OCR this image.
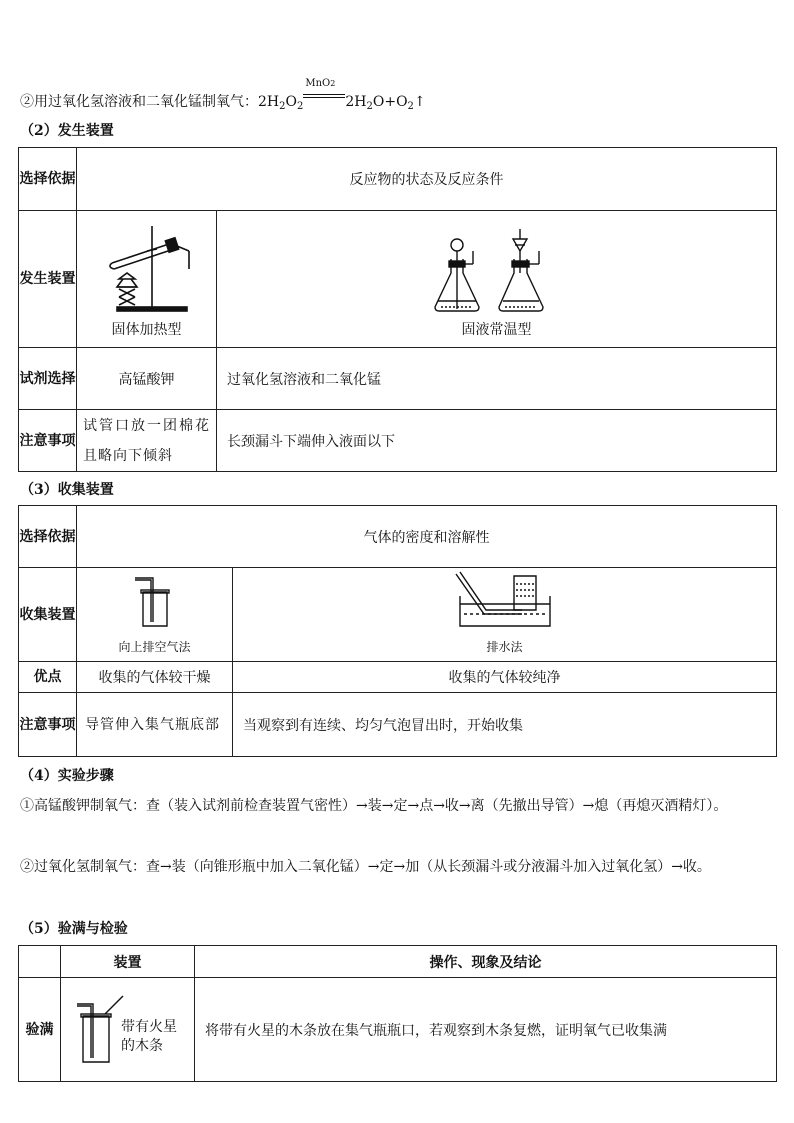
②用过氧化氢溶液和二氧化锰制氧气：$2H_2O_2$
MnO2
$2H_2O+O_2↑$
（2）发生装置
选择依据	反应物的状态及反应条件	
发生装置	固体加热型	固液常温型

试剂选择	高锰酸钾	过氧化氢溶液和二氧化锰
注意事项	试管口放一团棉花且略向下倾斜	长颈漏斗下端伸入液面以下
（3）收集装置
选择依据	气体的密度和溶解性	
收集装置	向上排空气法	排水法

优点	收集的气体较干燥	收集的气体较纯净
注意事项	导管伸入集气瓶底部	当观察到有连续、均匀气泡冒出时，开始收集
（4）实验步骤
①高锰酸钾制氧气：查（装入试剂前检查装置气密性）→装→定→点→收→离（先撤出导管）→熄（再熄灭酒精灯）。
②过氧化氢制氧气：查→装（向锥形瓶中加入二氧化锰）→定→加（从长颈漏斗或分液漏斗加入过氧化氢）→收。
（5）验满与检验
	装置	操作、现象及结论
验满	带有火星的木条	将带有火星的木条放在集气瓶瓶口，若观察到木条复燃，证明氧气已收集满
